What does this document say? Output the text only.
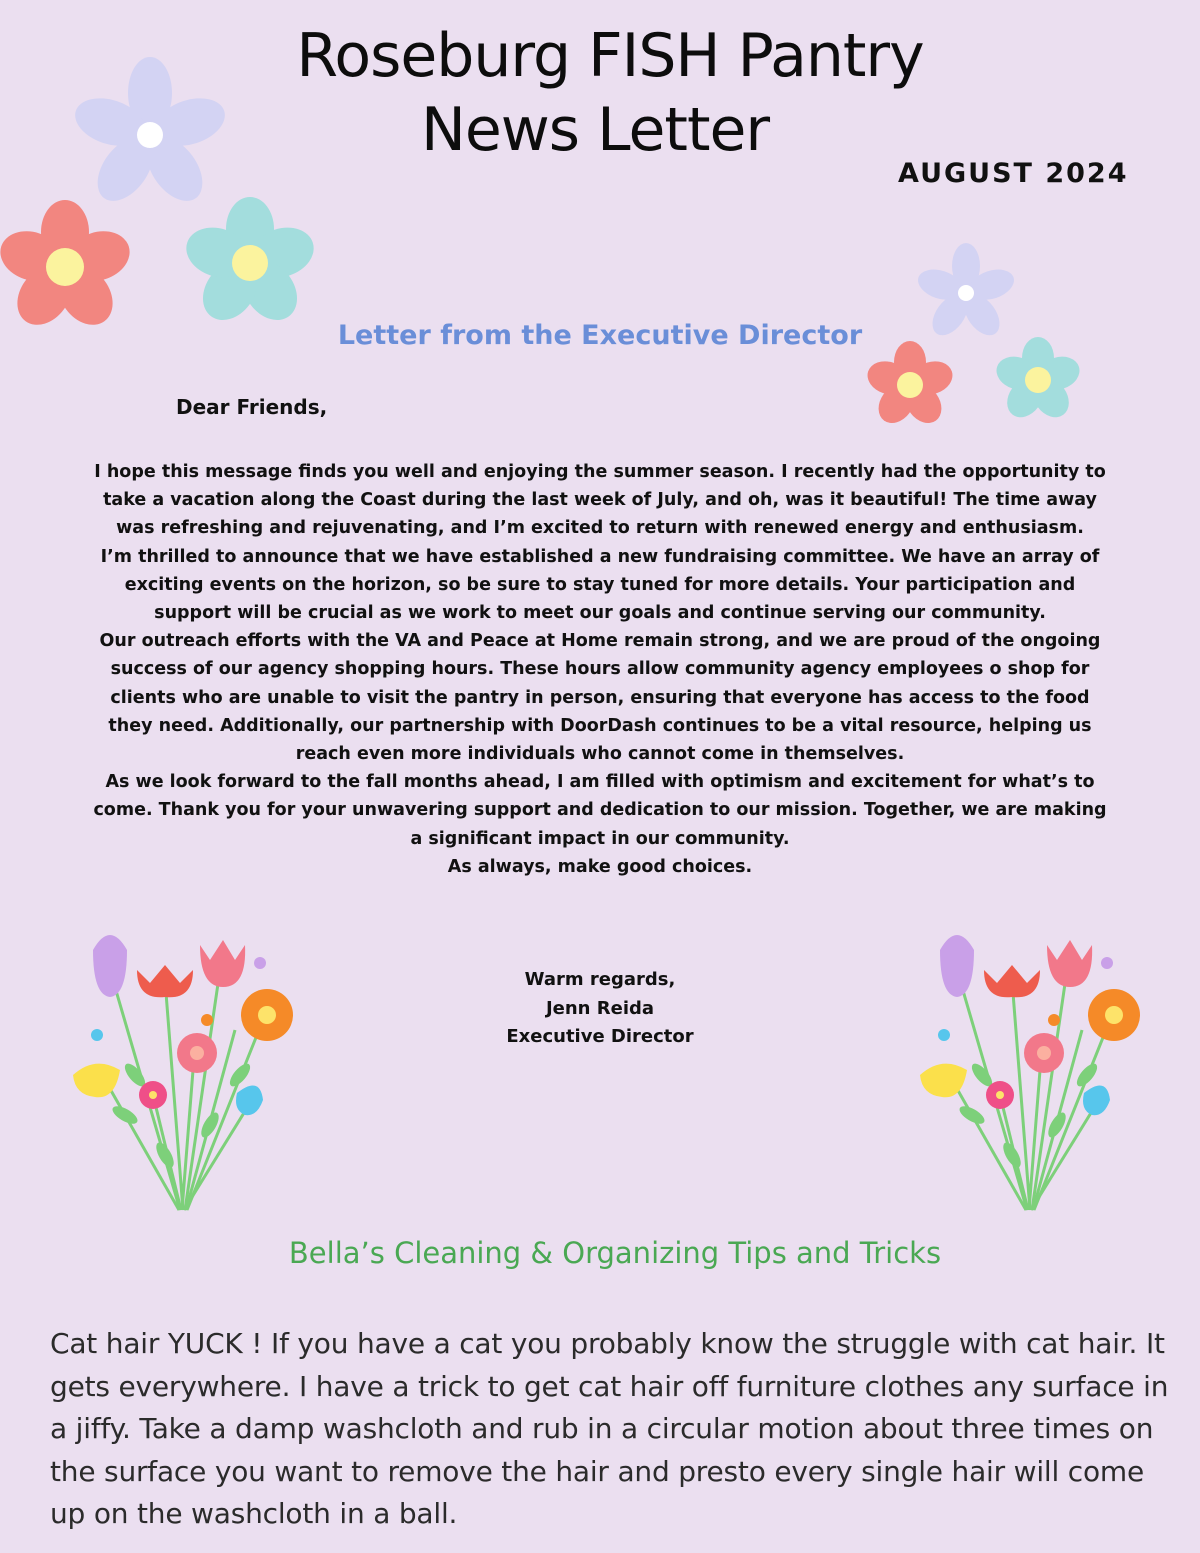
Roseburg FISH Pantry
News Letter
AUGUST 2024
Letter from the Executive Director

Dear Friends,

I hope this message finds you well and enjoying the summer season. I recently had the opportunity to take a vacation along the Coast during the last week of July, and oh, was it beautiful! The time away was refreshing and rejuvenating, and I’m excited to return with renewed energy and enthusiasm.

I’m thrilled to announce that we have established a new fundraising committee. We have an array of exciting events on the horizon, so be sure to stay tuned for more details. Your participation and support will be crucial as we work to meet our goals and continue serving our community.

Our outreach efforts with the VA and Peace at Home remain strong, and we are proud of the ongoing success of our agency shopping hours. These hours allow community agency employees o shop for clients who are unable to visit the pantry in person, ensuring that everyone has access to the food they need. Additionally, our partnership with DoorDash continues to be a vital resource, helping us reach even more individuals who cannot come in themselves.

As we look forward to the fall months ahead, I am filled with optimism and excitement for what’s to come. Thank you for your unwavering support and dedication to our mission. Together, we are making a significant impact in our community.

As always, make good choices.

Warm regards,
Jenn Reida
Executive Director
Bella’s Cleaning & Organizing Tips and Tricks

Cat hair YUCK ! If you have a cat you probably know the struggle with cat hair. It gets everywhere. I have a trick to get cat hair off furniture clothes any surface in a jiffy. Take a damp washcloth and rub in a circular motion about three times on the surface you want to remove the hair and presto every single hair will come up on the washcloth in a ball.
